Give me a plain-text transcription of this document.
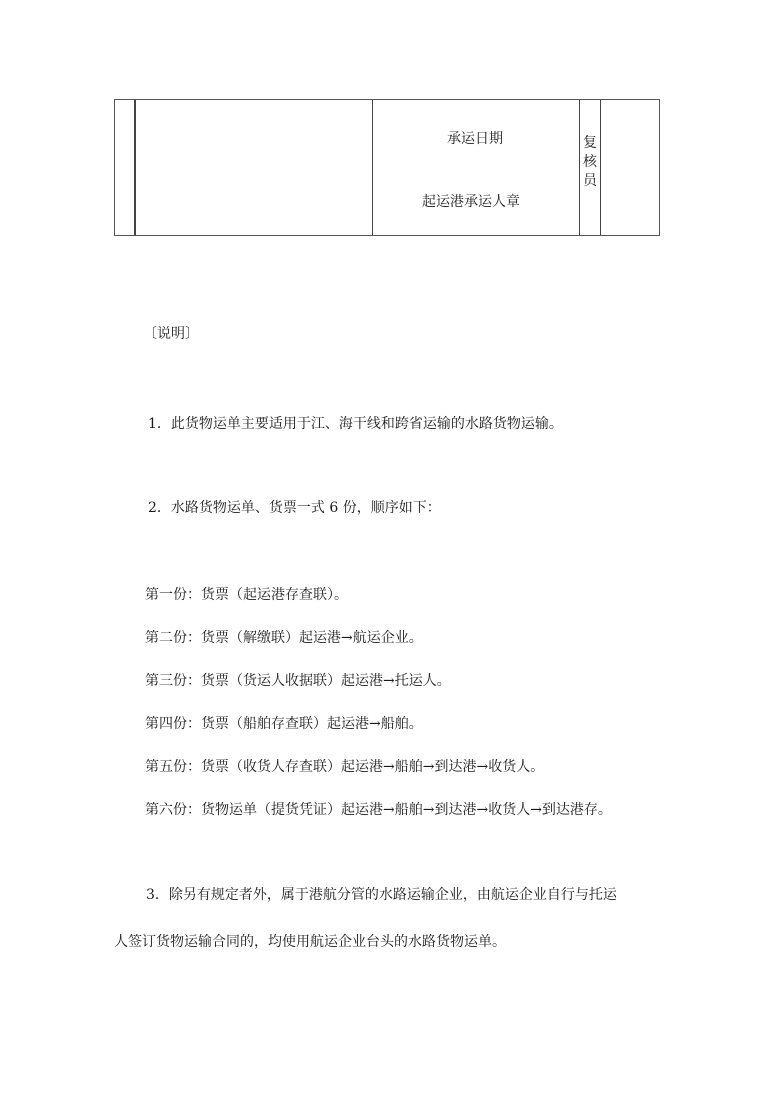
承运日期
起运港承运人章
复
核
员
〔说明〕
1．此货物运单主要适用于江、海干线和跨省运输的水路货物运输。
2．水路货物运单、货票一式 6 份，顺序如下：
第一份：货票（起运港存查联）。
第二份：货票（解缴联）起运港→航运企业。
第三份：货票（货运人收据联）起运港→托运人。
第四份：货票（船舶存查联）起运港→船舶。
第五份：货票（收货人存查联）起运港→船舶→到达港→收货人。
第六份：货物运单（提货凭证）起运港→船舶→到达港→收货人→到达港存。
3．除另有规定者外，属于港航分管的水路运输企业，由航运企业自行与托运
人签订货物运输合同的，均使用航运企业台头的水路货物运单。
